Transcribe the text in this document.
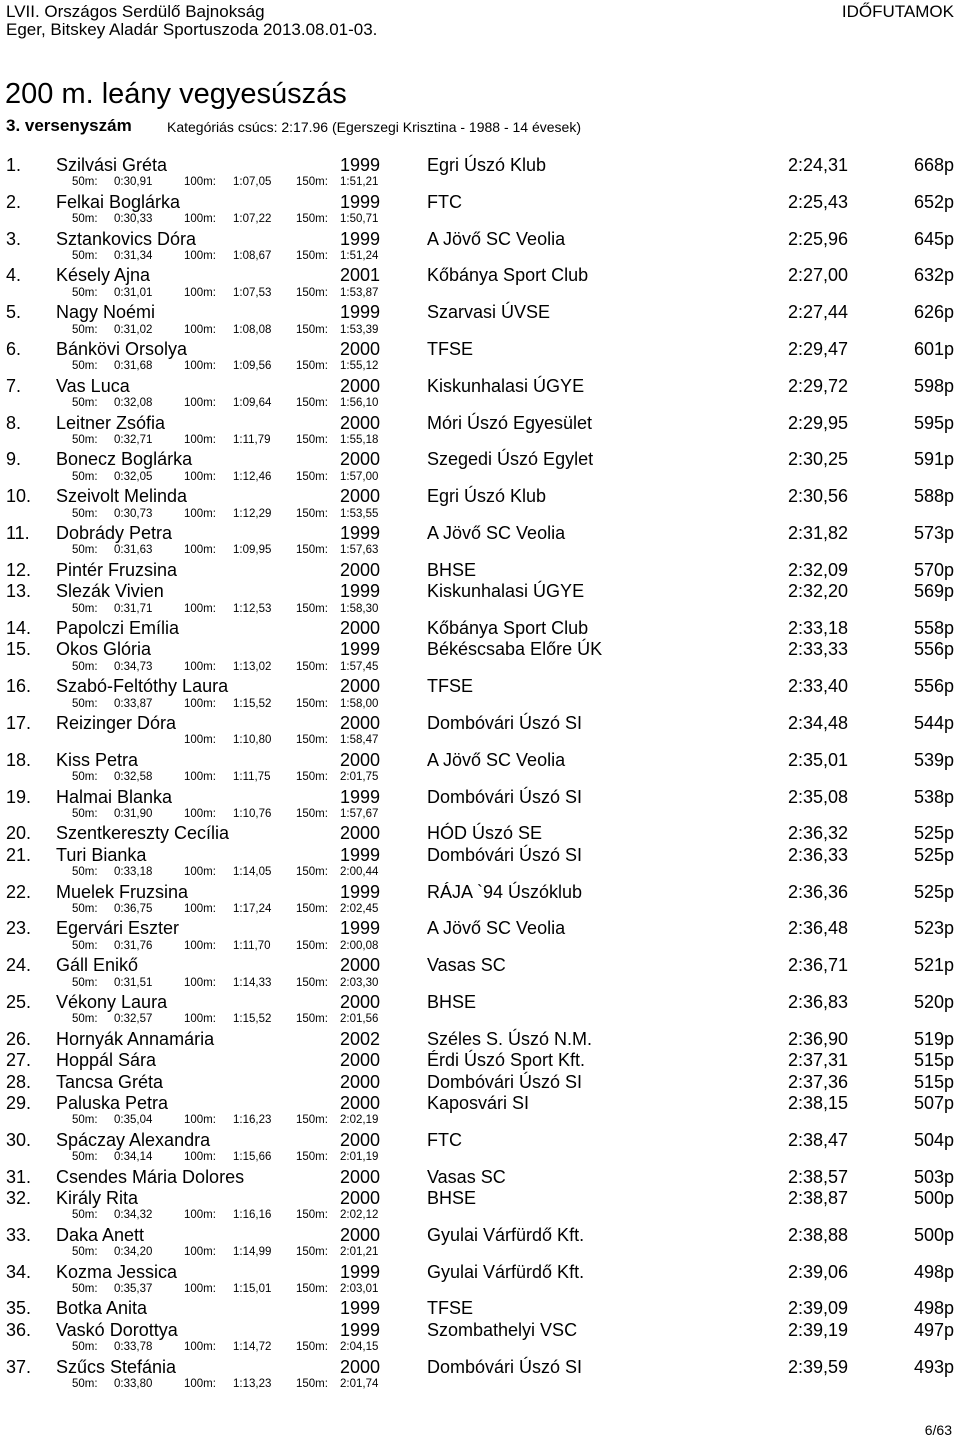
LVII. Országos Serdülő Bajnokság
Eger, Bitskey Aladár Sportuszoda 2013.08.01-03.
IDŐFUTAMOK
200 m. leány vegyesúszás
3. versenyszám	Kategóriás csúcs: 2:17.96 (Egerszegi Krisztina - 1988 - 14 évesek)
1. Szilvási Gréta	1999	Egri Úszó Klub	2:24,31	668p
50m: 0:30,91	100m: 1:07,05 150m: 1:51,21
2. Felkai Boglárka	1999	FTC	2:25,43	652p
50m: 0:30,33	100m: 1:07,22 150m: 1:50,71
3. Sztankovics Dóra	1999	A Jövő SC Veolia	2:25,96	645p
50m: 0:31,34	100m: 1:08,67 150m: 1:51,24
4. Késely Ajna	2001	Kőbánya Sport Club	2:27,00	632p
50m: 0:31,01	100m: 1:07,53 150m: 1:53,87
5. Nagy Noémi	1999	Szarvasi ÚVSE	2:27,44	626p
50m: 0:31,02	100m: 1:08,08 150m: 1:53,39
6. Bánkövi Orsolya	2000	TFSE	2:29,47	601p
50m: 0:31,68	100m: 1:09,56 150m: 1:55,12
7. Vas Luca	2000	Kiskunhalasi ÚGYE	2:29,72	598p
50m: 0:32,08	100m: 1:09,64 150m: 1:56,10
8. Leitner Zsófia	2000	Móri Úszó Egyesület	2:29,95	595p
50m: 0:32,71	100m: 1:11,79 150m: 1:55,18
9. Bonecz Boglárka	2000	Szegedi Úszó Egylet	2:30,25	591p
50m: 0:32,05	100m: 1:12,46 150m: 1:57,00
10. Szeivolt Melinda	2000	Egri Úszó Klub	2:30,56	588p
50m: 0:30,73	100m: 1:12,29 150m: 1:53,55
11. Dobrády Petra	1999	A Jövő SC Veolia	2:31,82	573p
50m: 0:31,63	100m: 1:09,95 150m: 1:57,63
12. Pintér Fruzsina	2000	BHSE	2:32,09	570p
13. Slezák Vivien	1999	Kiskunhalasi ÚGYE	2:32,20	569p
50m: 0:31,71	100m: 1:12,53 150m: 1:58,30
14. Papolczi Emília	2000	Kőbánya Sport Club	2:33,18	558p
15. Okos Glória	1999	Békéscsaba Előre ÚK	2:33,33	556p
50m: 0:34,73	100m: 1:13,02 150m: 1:57,45
16. Szabó-Feltóthy Laura	2000	TFSE	2:33,40	556p
50m: 0:33,87	100m: 1:15,52 150m: 1:58,00
17. Reizinger Dóra	2000	Dombóvári Úszó SI	2:34,48	544p
100m: 1:10,80 150m: 1:58,47
18. Kiss Petra	2000	A Jövő SC Veolia	2:35,01	539p
50m: 0:32,58	100m: 1:11,75 150m: 2:01,75
19. Halmai Blanka	1999	Dombóvári Úszó SI	2:35,08	538p
50m: 0:31,90	100m: 1:10,76 150m: 1:57,67
20. Szentkereszty Cecília	2000	HÓD Úszó SE	2:36,32	525p
21. Turi Bianka	1999	Dombóvári Úszó SI	2:36,33	525p
50m: 0:33,18	100m: 1:14,05 150m: 2:00,44
22. Muelek Fruzsina	1999	RÁJA `94 Úszóklub	2:36,36	525p
50m: 0:36,75	100m: 1:17,24 150m: 2:02,45
23. Egervári Eszter	1999	A Jövő SC Veolia	2:36,48	523p
50m: 0:31,76	100m: 1:11,70 150m: 2:00,08
24. Gáll Enikő	2000	Vasas SC	2:36,71	521p
50m: 0:31,51	100m: 1:14,33 150m: 2:03,30
25. Vékony Laura	2000	BHSE	2:36,83	520p
50m: 0:32,57	100m: 1:15,52 150m: 2:01,56
26. Hornyák Annamária	2002	Széles S. Úszó N.M.	2:36,90	519p
27. Hoppál Sára	2000	Érdi Úszó Sport Kft.	2:37,31	515p
28. Tancsa Gréta	2000	Dombóvári Úszó SI	2:37,36	515p
29. Paluska Petra	2000	Kaposvári SI	2:38,15	507p
50m: 0:35,04	100m: 1:16,23 150m: 2:02,19
30. Spáczay Alexandra	2000	FTC	2:38,47	504p
50m: 0:34,14	100m: 1:15,66 150m: 2:01,19
31. Csendes Mária Dolores	2000	Vasas SC	2:38,57	503p
32. Király Rita	2000	BHSE	2:38,87	500p
50m: 0:34,32	100m: 1:16,16 150m: 2:02,12
33. Daka Anett	2000	Gyulai Várfürdő Kft.	2:38,88	500p
50m: 0:34,20	100m: 1:14,99 150m: 2:01,21
34. Kozma Jessica	1999	Gyulai Várfürdő Kft.	2:39,06	498p
50m: 0:35,37	100m: 1:15,01 150m: 2:03,01
35. Botka Anita	1999	TFSE	2:39,09	498p
36. Vaskó Dorottya	1999	Szombathelyi VSC	2:39,19	497p
50m: 0:33,78	100m: 1:14,72 150m: 2:04,15
37. Szűcs Stefánia	2000	Dombóvári Úszó SI	2:39,59	493p
50m: 0:33,80	100m: 1:13,23 150m: 2:01,74
6/63
